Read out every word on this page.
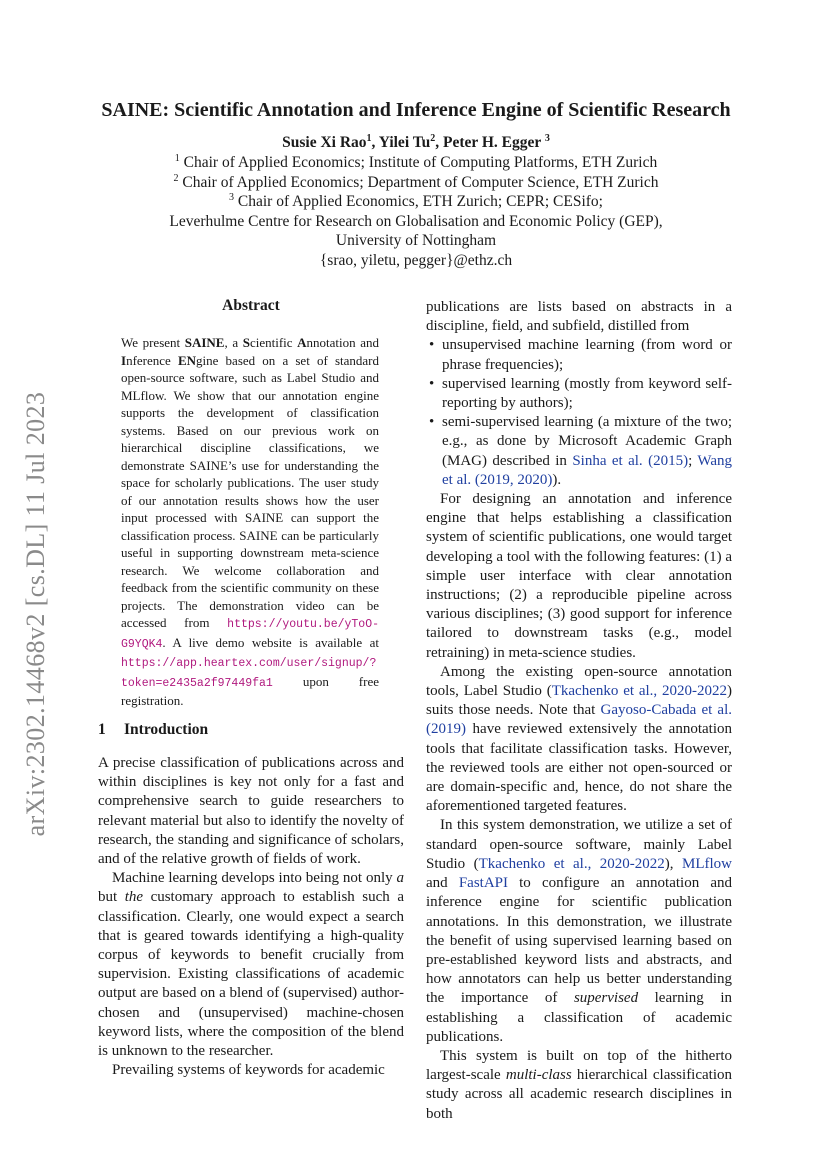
arXiv:2302.14468v2 [cs.DL] 11 Jul 2023
SAINE: Scientific Annotation and Inference Engine of Scientific Research
Susie Xi Rao$^1$, Yilei Tu$^2$, Peter H. Egger $^3$
$^1$ Chair of Applied Economics; Institute of Computing Platforms, ETH Zurich
$^2$ Chair of Applied Economics; Department of Computer Science, ETH Zurich
$^3$ Chair of Applied Economics, ETH Zurich; CEPR; CESifo;
Leverhulme Centre for Research on Globalisation and Economic Policy (GEP),
University of Nottingham
{srao, yiletu, pegger}@ethz.ch
Abstract

We present SAINE, a Scientific Annotation and Inference ENgine based on a set of standard open-source software, such as Label Studio and MLflow. We show that our annotation engine supports the development of classification systems. Based on our previous work on hierarchical discipline classifications, we demonstrate SAINE’s use for understanding the space for scholarly publications. The user study of our annotation results shows how the user input processed with SAINE can support the classification process. SAINE can be particularly useful in supporting downstream meta-science research. We welcome collaboration and feedback from the scientific community on these projects. The demonstration video can be accessed from https://youtu.be/yToO-G9YQK4. A live demo website is available at https://app.heartex.com/user/signup/?token=e2435a2f97449fa1 upon free registration.

1 Introduction

A precise classification of publications across and within disciplines is key not only for a fast and comprehensive search to guide researchers to relevant material but also to identify the novelty of research, the standing and significance of scholars, and of the relative growth of fields of work.

Machine learning develops into being not only a but the customary approach to establish such a classification. Clearly, one would expect a search that is geared towards identifying a high-quality corpus of keywords to benefit crucially from supervision. Existing classifications of academic output are based on a blend of (supervised) author-chosen and (unsupervised) machine-chosen keyword lists, where the composition of the blend is unknown to the researcher.

Prevailing systems of keywords for academic

publications are lists based on abstracts in a discipline, field, and subfield, distilled from

• unsupervised machine learning (from word or phrase frequencies);
• supervised learning (mostly from keyword self-reporting by authors);
• semi-supervised learning (a mixture of the two; e.g., as done by Microsoft Academic Graph (MAG) described in Sinha et al. (2015); Wang et al. (2019, 2020)).

For designing an annotation and inference engine that helps establishing a classification system of scientific publications, one would target developing a tool with the following features: (1) a simple user interface with clear annotation instructions; (2) a reproducible pipeline across various disciplines; (3) good support for inference tailored to downstream tasks (e.g., model retraining) in meta-science studies.

Among the existing open-source annotation tools, Label Studio (Tkachenko et al., 2020-2022) suits those needs. Note that Gayoso-Cabada et al. (2019) have reviewed extensively the annotation tools that facilitate classification tasks. However, the reviewed tools are either not open-sourced or are domain-specific and, hence, do not share the aforementioned targeted features.

In this system demonstration, we utilize a set of standard open-source software, mainly Label Studio (Tkachenko et al., 2020-2022), MLflow and FastAPI to configure an annotation and inference engine for scientific publication annotations. In this demonstration, we illustrate the benefit of using supervised learning based on pre-established keyword lists and abstracts, and how annotators can help us better understanding the importance of supervised learning in establishing a classification of academic publications.

This system is built on top of the hitherto largest-scale multi-class hierarchical classification study across all academic research disciplines in both
